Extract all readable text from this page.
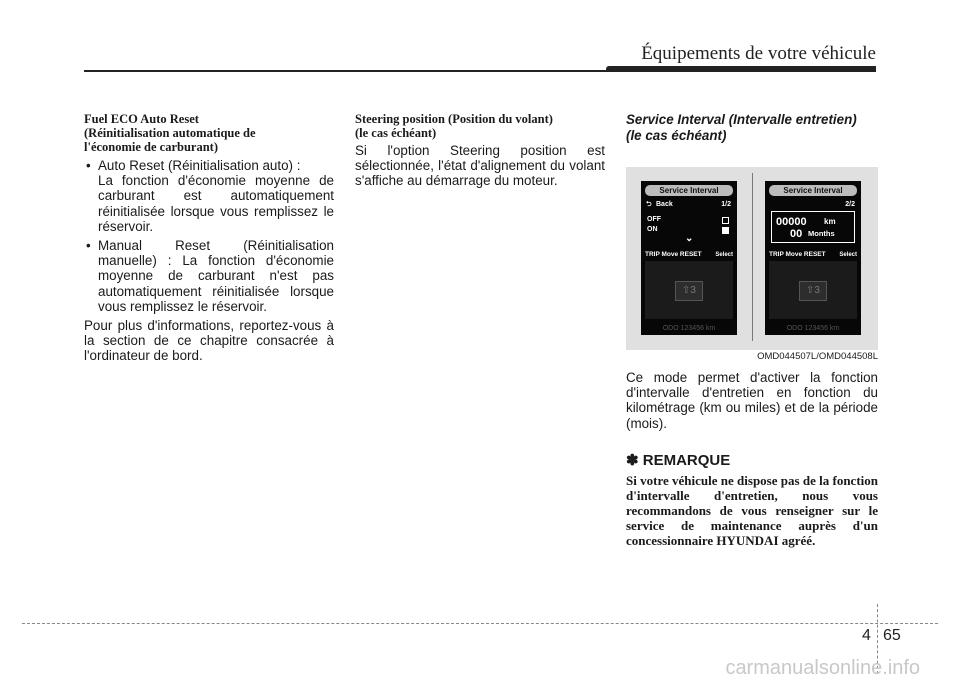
Équipements de votre véhicule

Fuel ECO Auto Reset

(Réinitialisation automatique de

l'économie de carburant)

• Auto Reset (Réinitialisation auto) :

La fonction d'économie moyenne de carburant est automatiquement réinitialisée lorsque vous remplissez le réservoir.

• Manual Reset (Réinitialisation manuelle) : La fonction d'économie moyenne de carburant n'est pas automatiquement réinitialisée lorsque vous remplissez le réservoir.

Pour plus d'informations, reportez-vous à la section de ce chapitre consacrée à l'ordinateur de bord.

Steering position (Position du volant)

(le cas échéant)

Si l'option Steering position est sélectionnée, l'état d'alignement du volant s'affiche au démarrage du moteur.

Service Interval (Intervalle entretien)

(le cas échéant)

Service Interval
⮌ Back	1/2
OFF
ON
⌄
TRIP Move RESET Select
⇧3
ODO 123456 km
Service Interval
2/2
00000 km
00 Months
TRIP Move RESET Select
⇧3
ODO 123456 km
OMD044507L/OMD044508L

Ce mode permet d'activer la fonction d'intervalle d'entretien en fonction du kilométrage (km ou miles) et de la période (mois).

✽ REMARQUE

Si votre véhicule ne dispose pas de la fonction d'intervalle d'entretien, nous vous recommandons de vous renseigner sur le service de maintenance auprès d'un concessionnaire HYUNDAI agréé.

4 65
carmanualsonline.info
